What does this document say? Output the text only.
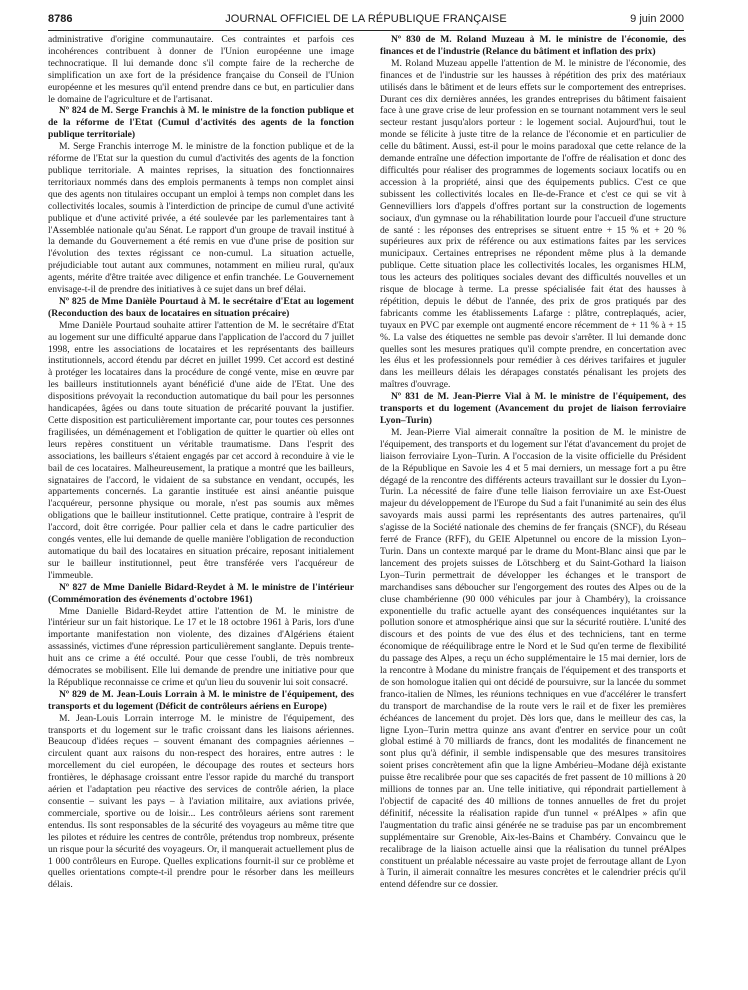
8786	JOURNAL OFFICIEL DE LA RÉPUBLIQUE FRANÇAISE	9 juin 2000

administrative d'origine communautaire. Ces contraintes et parfois ces incohérences contribuent à donner de l'Union européenne une image technocratique. Il lui demande donc s'il compte faire de la recherche de simplification un axe fort de la présidence française du Conseil de l'Union européenne et les mesures qu'il entend prendre dans ce but, en particulier dans le domaine de l'agriculture et de l'artisanat.

Nº 824 de M. Serge Franchis à M. le ministre de la fonction publique et de la réforme de l'Etat (Cumul d'activités des agents de la fonction publique territoriale)

M. Serge Franchis interroge M. le ministre de la fonction publique et de la réforme de l'Etat sur la question du cumul d'activités des agents de la fonction publique territoriale. A maintes reprises, la situation des fonctionnaires territoriaux nommés dans des emplois permanents à temps non complet ainsi que des agents non titulaires occupant un emploi à temps non complet dans les collectivités locales, soumis à l'interdiction de principe de cumul d'une activité publique et d'une activité privée, a été soulevée par les parlementaires tant à l'Assemblée nationale qu'au Sénat. Le rapport d'un groupe de travail institué à la demande du Gouvernement a été remis en vue d'une prise de position sur l'évolution des textes régissant ce non-cumul. La situation actuelle, préjudiciable tout autant aux communes, notamment en milieu rural, qu'aux agents, mérite d'être traitée avec diligence et enfin tranchée. Le Gouvernement envisage-t-il de prendre des initiatives à ce sujet dans un bref délai.

Nº 825 de Mme Danièle Pourtaud à M. le secrétaire d'Etat au logement (Reconduction des baux de locataires en situation précaire)

Mme Danièle Pourtaud souhaite attirer l'attention de M. le secrétaire d'Etat au logement sur une difficulté apparue dans l'application de l'accord du 7 juillet 1998, entre les associations de locataires et les représentants des bailleurs institutionnels, accord étendu par décret en juillet 1999. Cet accord est destiné à protéger les locataires dans la procédure de congé vente, mise en œuvre par les bailleurs institutionnels ayant bénéficié d'une aide de l'Etat. Une des dispositions prévoyait la reconduction automatique du bail pour les personnes handicapées, âgées ou dans toute situation de précarité pouvant la justifier. Cette disposition est particulièrement importante car, pour toutes ces personnes fragilisées, un déménagement et l'obligation de quitter le quartier où elles ont leurs repères constituent un véritable traumatisme. Dans l'esprit des associations, les bailleurs s'étaient engagés par cet accord à reconduire à vie le bail de ces locataires. Malheureusement, la pratique a montré que les bailleurs, signataires de l'accord, le vidaient de sa substance en vendant, occupés, les appartements concernés. La garantie instituée est ainsi anéantie puisque l'acquéreur, personne physique ou morale, n'est pas soumis aux mêmes obligations que le bailleur institutionnel. Cette pratique, contraire à l'esprit de l'accord, doit être corrigée. Pour pallier cela et dans le cadre particulier des congés ventes, elle lui demande de quelle manière l'obligation de reconduction automatique du bail des locataires en situation précaire, reposant initialement sur le bailleur institutionnel, peut être transférée vers l'acquéreur de l'immeuble.

Nº 827 de Mme Danielle Bidard-Reydet à M. le ministre de l'intérieur (Commémoration des événements d'octobre 1961)

Mme Danielle Bidard-Reydet attire l'attention de M. le ministre de l'intérieur sur un fait historique. Le 17 et le 18 octobre 1961 à Paris, lors d'une importante manifestation non violente, des dizaines d'Algériens étaient assassinés, victimes d'une répression particulièrement sanglante. Depuis trente-huit ans ce crime a été occulté. Pour que cesse l'oubli, de très nombreux démocrates se mobilisent. Elle lui demande de prendre une initiative pour que la République reconnaisse ce crime et qu'un lieu du souvenir lui soit consacré.

Nº 829 de M. Jean-Louis Lorrain à M. le ministre de l'équipement, des transports et du logement (Déficit de contrôleurs aériens en Europe)

M. Jean-Louis Lorrain interroge M. le ministre de l'équipement, des transports et du logement sur le trafic croissant dans les liaisons aériennes. Beaucoup d'idées reçues – souvent émanant des compagnies aériennes – circulent quant aux raisons du non-respect des horaires, entre autres : le morcellement du ciel européen, le découpage des routes et secteurs hors frontières, le déphasage croissant entre l'essor rapide du marché du transport aérien et l'adaptation peu réactive des services de contrôle aérien, la place consentie – suivant les pays – à l'aviation militaire, aux aviations privée, commerciale, sportive ou de loisir... Les contrôleurs aériens sont rarement entendus. Ils sont responsables de la sécurité des voyageurs au même titre que les pilotes et réduire les centres de contrôle, prétendus trop nombreux, présente un risque pour la sécurité des voyageurs. Or, il manquerait actuellement plus de 1 000 contrôleurs en Europe. Quelles explications fournit-il sur ce problème et quelles orientations compte-t-il prendre pour le résorber dans les meilleurs délais.

Nº 830 de M. Roland Muzeau à M. le ministre de l'économie, des finances et de l'industrie (Relance du bâtiment et inflation des prix)

M. Roland Muzeau appelle l'attention de M. le ministre de l'économie, des finances et de l'industrie sur les hausses à répétition des prix des matériaux utilisés dans le bâtiment et de leurs effets sur le comportement des entreprises. Durant ces dix dernières années, les grandes entreprises du bâtiment faisaient face à une grave crise de leur profession en se tournant notamment vers le seul secteur restant jusqu'alors porteur : le logement social. Aujourd'hui, tout le monde se félicite à juste titre de la relance de l'économie et en particulier de celle du bâtiment. Aussi, est-il pour le moins paradoxal que cette relance de la demande entraîne une défection importante de l'offre de réalisation et donc des difficultés pour réaliser des programmes de logements sociaux locatifs ou en accession à la propriété, ainsi que des équipements publics. C'est ce que subissent les collectivités locales en Ile-de-France et c'est ce qui se vit à Gennevilliers lors d'appels d'offres portant sur la construction de logements sociaux, d'un gymnase ou la réhabilitation lourde pour l'accueil d'une structure de santé : les réponses des entreprises se situent entre + 15 % et + 20 % supérieures aux prix de référence ou aux estimations faites par les services municipaux. Certaines entreprises ne répondent même plus à la demande publique. Cette situation place les collectivités locales, les organismes HLM, tous les acteurs des politiques sociales devant des difficultés nouvelles et un risque de blocage à terme. La presse spécialisée fait état des hausses à répétition, depuis le début de l'année, des prix de gros pratiqués par des fabricants comme les établissements Lafarge : plâtre, contreplaqués, acier, tuyaux en PVC par exemple ont augmenté encore récemment de + 11 % à + 15 %. La valse des étiquettes ne semble pas devoir s'arrêter. Il lui demande donc quelles sont les mesures pratiques qu'il compte prendre, en concertation avec les élus et les professionnels pour remédier à ces dérives tarifaires et juguler dans les meilleurs délais les dérapages constatés pénalisant les projets des maîtres d'ouvrage.

Nº 831 de M. Jean-Pierre Vial à M. le ministre de l'équipement, des transports et du logement (Avancement du projet de liaison ferroviaire Lyon–Turin)

M. Jean-Pierre Vial aimerait connaître la position de M. le ministre de l'équipement, des transports et du logement sur l'état d'avancement du projet de liaison ferroviaire Lyon–Turin. A l'occasion de la visite officielle du Président de la République en Savoie les 4 et 5 mai derniers, un message fort a pu être dégagé de la rencontre des différents acteurs travaillant sur le dossier du Lyon–Turin. La nécessité de faire d'une telle liaison ferroviaire un axe Est-Ouest majeur du développement de l'Europe du Sud a fait l'unanimité au sein des élus savoyards mais aussi parmi les représentants des autres partenaires, qu'il s'agisse de la Société nationale des chemins de fer français (SNCF), du Réseau ferré de France (RFF), du GEIE Alpetunnel ou encore de la mission Lyon–Turin. Dans un contexte marqué par le drame du Mont-Blanc ainsi que par le lancement des projets suisses de Lötschberg et du Saint-Gothard la liaison Lyon–Turin permettrait de développer les échanges et le transport de marchandises sans déboucher sur l'engorgement des routes des Alpes ou de la cluse chambérienne (90 000 véhicules par jour à Chambéry), la croissance exponentielle du trafic actuelle ayant des conséquences inquiétantes sur la pollution sonore et atmosphérique ainsi que sur la sécurité routière. L'unité des discours et des points de vue des élus et des techniciens, tant en terme économique de rééquilibrage entre le Nord et le Sud qu'en terme de flexibilité du passage des Alpes, a reçu un écho supplémentaire le 15 mai dernier, lors de la rencontre à Modane du ministre français de l'équipement et des transports et de son homologue italien qui ont décidé de poursuivre, sur la lancée du sommet franco-italien de Nîmes, les réunions techniques en vue d'accélérer le transfert du transport de marchandise de la route vers le rail et de fixer les premières échéances de lancement du projet. Dès lors que, dans le meilleur des cas, la ligne Lyon–Turin mettra quinze ans avant d'entrer en service pour un coût global estimé à 70 milliards de francs, dont les modalités de financement ne sont plus qu'à définir, il semble indispensable que des mesures transitoires soient prises concrètement afin que la ligne Ambérieu–Modane déjà existante puisse être recalibrée pour que ses capacités de fret passent de 10 millions à 20 millions de tonnes par an. Une telle initiative, qui répondrait partiellement à l'objectif de capacité des 40 millions de tonnes annuelles de fret du projet définitif, nécessite la réalisation rapide d'un tunnel « préAlpes » afin que l'augmentation du trafic ainsi générée ne se traduise pas par un encombrement supplémentaire sur Grenoble, Aix-les-Bains et Chambéry. Convaincu que le recalibrage de la liaison actuelle ainsi que la réalisation du tunnel préAlpes constituent un préalable nécessaire au vaste projet de ferroutage allant de Lyon à Turin, il aimerait connaître les mesures concrètes et le calendrier précis qu'il entend défendre sur ce dossier.
